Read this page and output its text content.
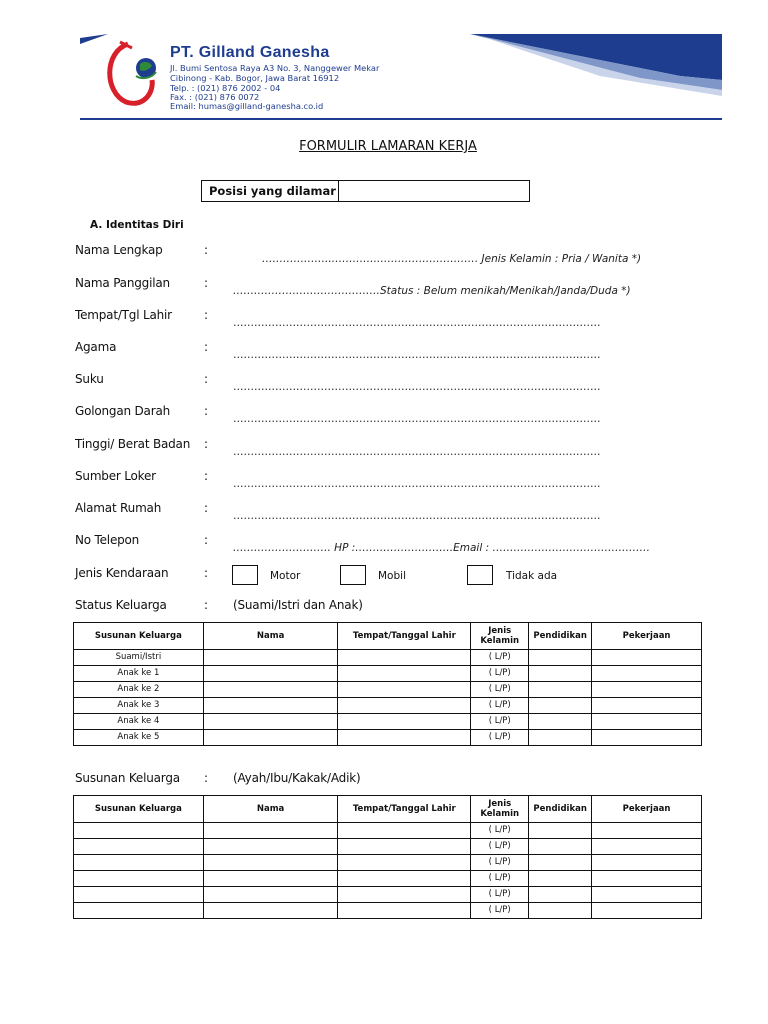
PT. Gilland Ganesha
Jl. Bumi Sentosa Raya A3 No. 3, Nanggewer Mekar
Cibinong - Kab. Bogor, Jawa Barat 16912
Telp. : (021) 876 2002 - 04
Fax. : (021) 876 0072
Email: humas@gilland-ganesha.co.id
FORMULIR LAMARAN KERJA
Posisi yang dilamar
A. Identitas Diri
Nama Lengkap	:
………………..…………..………….…………… Jenis Kelamin : Pria / Wanita *)
Nama Panggilan	:
……………………………………Status : Belum menikah/Menikah/Janda/Duda *)
Tempat/Tgl Lahir	:
……………………………………………………………………………………………
Agama	:
……………………………………………………………………………………………
Suku	:
……………………………………………………………………………………………
Golongan Darah	:
……………………………………………………………………………………………
Tinggi/ Berat Badan :
……………………………………………………………………………………………
Sumber Loker	:
……………………………………………………………………………………………
Alamat Rumah	:
……………………………………………………………………………………………
No Telepon	:
………………………. HP :……………………….Email : ………………………………………
Jenis Kendaraan	:	Motor	Mobil	Tidak ada
Status Keluarga	: (Suami/Istri dan Anak)
Susunan Keluarga	Nama	Tempat/Tanggal Lahir	Jenis Kelamin	Pendidikan	Pekerjaan
Suami/Istri			( L/P)		
Anak ke 1			( L/P)		
Anak ke 2			( L/P)		
Anak ke 3			( L/P)		
Anak ke 4			( L/P)		
Anak ke 5			( L/P)		
Susunan Keluarga : (Ayah/Ibu/Kakak/Adik)
Susunan Keluarga	Nama	Tempat/Tanggal Lahir	Jenis Kelamin	Pendidikan	Pekerjaan
			( L/P)		
			( L/P)		
			( L/P)		
			( L/P)		
			( L/P)		
			( L/P)		
